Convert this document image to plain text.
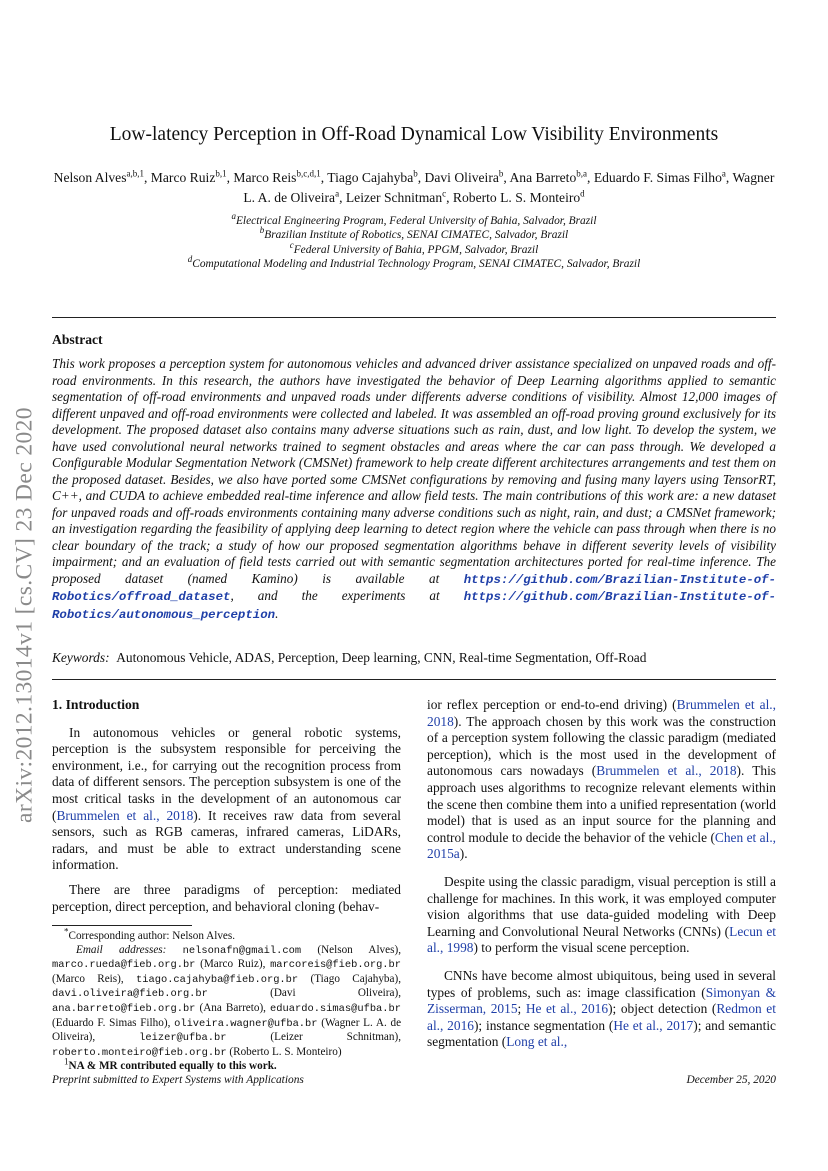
arXiv:2012.13014v1 [cs.CV] 23 Dec 2020
Low-latency Perception in Off-Road Dynamical Low Visibility Environments
Nelson Alves$^{a,b,1}$, Marco Ruiz$^{b,1}$, Marco Reis$^{b,c,d,1}$, Tiago Cajahyba$^b$, Davi Oliveira$^b$, Ana Barreto$^{b,a}$, Eduardo F. Simas Filho$^a$, Wagner L. A. de Oliveira$^a$, Leizer Schnitman$^c$, Roberto L. S. Monteiro$^d$
$^a$Electrical Engineering Program, Federal University of Bahia, Salvador, Brazil
$^b$Brazilian Institute of Robotics, SENAI CIMATEC, Salvador, Brazil
$^c$Federal University of Bahia, PPGM, Salvador, Brazil
$^d$Computational Modeling and Industrial Technology Program, SENAI CIMATEC, Salvador, Brazil
Abstract
This work proposes a perception system for autonomous vehicles and advanced driver assistance specialized on unpaved roads and off-road environments. In this research, the authors have investigated the behavior of Deep Learning algorithms applied to semantic segmentation of off-road environments and unpaved roads under differents adverse conditions of visibility. Almost 12,000 images of different unpaved and off-road environments were collected and labeled. It was assembled an off-road proving ground exclusively for its development. The proposed dataset also contains many adverse situations such as rain, dust, and low light. To develop the system, we have used convolutional neural networks trained to segment obstacles and areas where the car can pass through. We developed a Configurable Modular Segmentation Network (CMSNet) framework to help create different architectures arrangements and test them on the proposed dataset. Besides, we also have ported some CMSNet configurations by removing and fusing many layers using TensorRT, C++, and CUDA to achieve embedded real-time inference and allow field tests. The main contributions of this work are: a new dataset for unpaved roads and off-roads environments containing many adverse conditions such as night, rain, and dust; a CMSNet framework; an investigation regarding the feasibility of applying deep learning to detect region where the vehicle can pass through when there is no clear boundary of the track; a study of how our proposed segmentation algorithms behave in different severity levels of visibility impairment; and an evaluation of field tests carried out with semantic segmentation architectures ported for real-time inference. The proposed dataset (named Kamino) is available at https://github.com/Brazilian-Institute-of-Robotics/offroad_dataset, and the experiments at https://github.com/Brazilian-Institute-of-Robotics/autonomous_perception.
Keywords: Autonomous Vehicle, ADAS, Perception, Deep learning, CNN, Real-time Segmentation, Off-Road
1. Introduction

In autonomous vehicles or general robotic systems, perception is the subsystem responsible for perceiving the environment, i.e., for carrying out the recognition process from data of different sensors. The perception subsystem is one of the most critical tasks in the development of an autonomous car (Brummelen et al., 2018). It receives raw data from several sensors, such as RGB cameras, infrared cameras, LiDARs, radars, and must be able to extract understanding scene information.

There are three paradigms of perception: mediated perception, direct perception, and behavioral cloning (behav-

ior reflex perception or end-to-end driving) (Brummelen et al., 2018). The approach chosen by this work was the construction of a perception system following the classic paradigm (mediated perception), which is the most used in the development of autonomous cars nowadays (Brummelen et al., 2018). This approach uses algorithms to recognize relevant elements within the scene then combine them into a unified representation (world model) that is used as an input source for the planning and control module to decide the behavior of the vehicle (Chen et al., 2015a).

Despite using the classic paradigm, visual perception is still a challenge for machines. In this work, it was employed computer vision algorithms that use data-guided modeling with Deep Learning and Convolutional Neural Networks (CNNs) (Lecun et al., 1998) to perform the visual scene perception.

CNNs have become almost ubiquitous, being used in several types of problems, such as: image classification (Simonyan & Zisserman, 2015; He et al., 2016); object detection (Redmon et al., 2016); instance segmentation (He et al., 2017); and semantic segmentation (Long et al.,

*Corresponding author: Nelson Alves.
Email addresses: nelsonafn@gmail.com (Nelson Alves), marco.rueda@fieb.org.br (Marco Ruiz), marcoreis@fieb.org.br (Marco Reis), tiago.cajahyba@fieb.org.br (Tiago Cajahyba), davi.oliveira@fieb.org.br	(Davi Oliveira), ana.barreto@fieb.org.br (Ana Barreto), eduardo.simas@ufba.br (Eduardo F. Simas Filho), oliveira.wagner@ufba.br (Wagner L. A. de Oliveira),	leizer@ufba.br	(Leizer Schnitman), roberto.monteiro@fieb.org.br (Roberto L. S. Monteiro)
$^1$NA & MR contributed equally to this work.
Preprint submitted to Expert Systems with Applications	December 25, 2020
